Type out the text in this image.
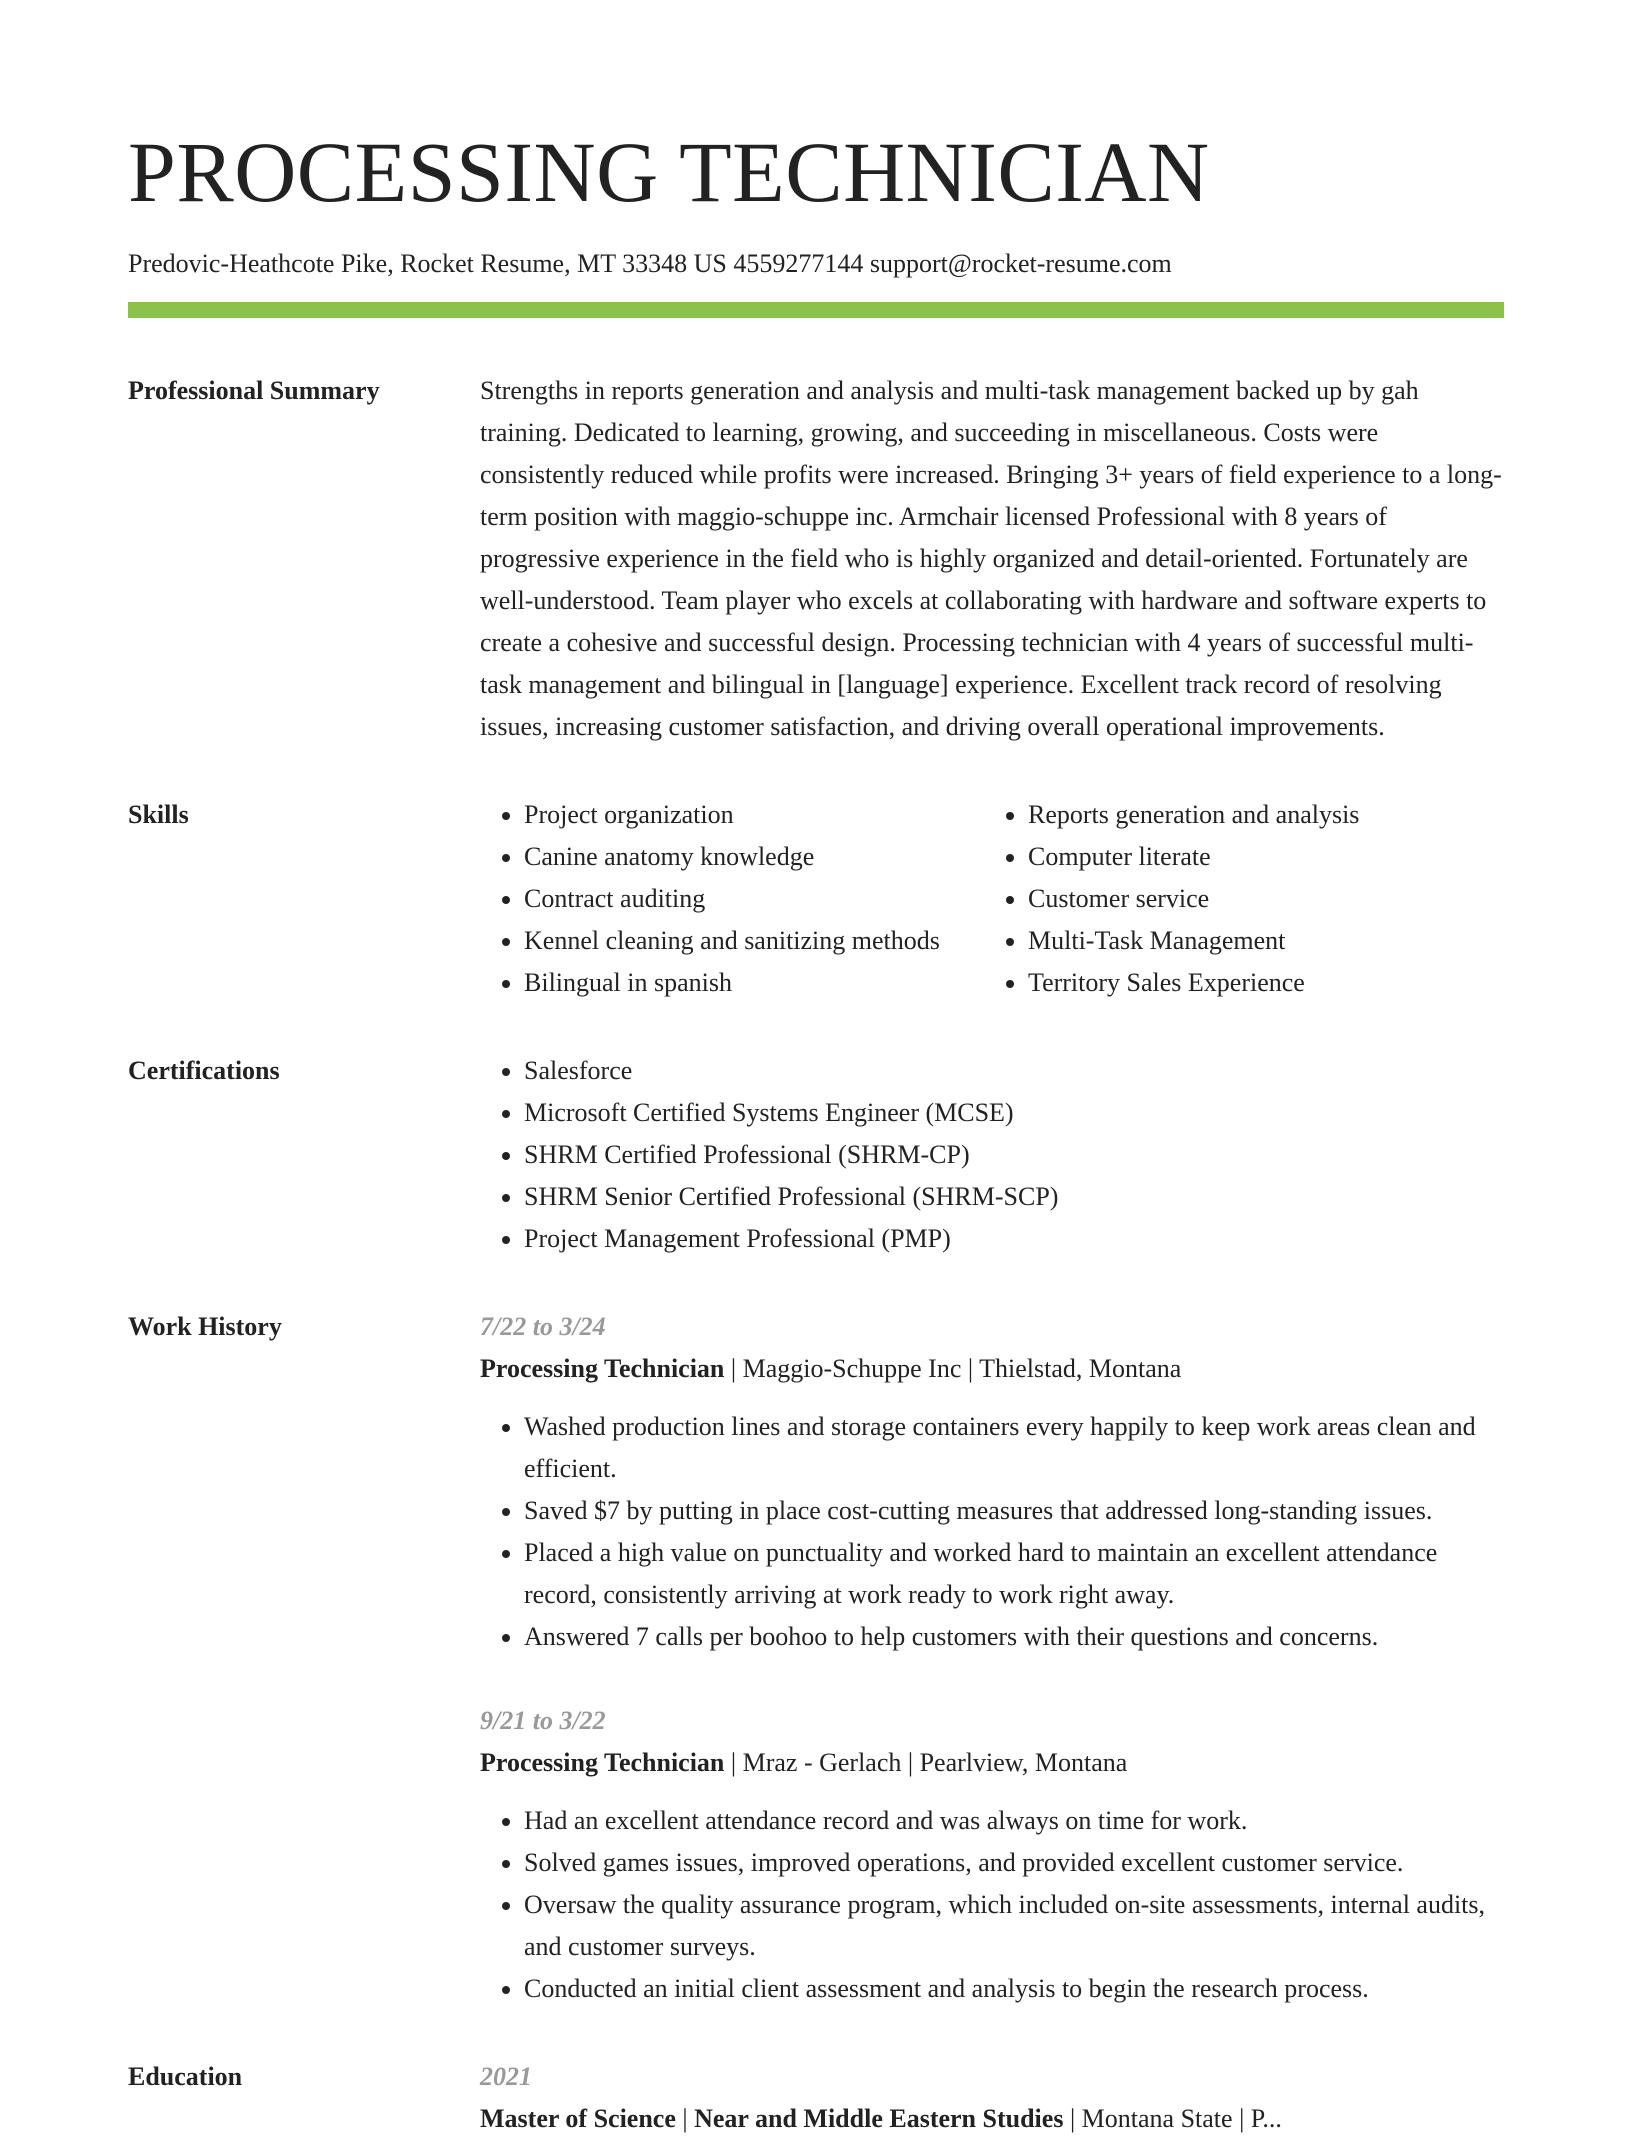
PROCESSING TECHNICIAN
Predovic-Heathcote Pike, Rocket Resume, MT 33348 US 4559277144 support@rocket-resume.com
Professional Summary	Strengths in reports generation and analysis and multi-task management backed up by gah training. Dedicated to learning, growing, and succeeding in miscellaneous. Costs were consistently reduced while profits were increased. Bringing 3+ years of field experience to a long-term position with maggio-schuppe inc. Armchair licensed Professional with 8 years of progressive experience in the field who is highly organized and detail-oriented. Fortunately are well-understood. Team player who excels at collaborating with hardware and software experts to create a cohesive and successful design. Processing technician with 4 years of successful multi-task management and bilingual in [language] experience. Excellent track record of resolving issues, increasing customer satisfaction, and driving overall operational improvements.

Skills	• Project organization
• Canine anatomy knowledge
• Contract auditing
• Kennel cleaning and sanitizing methods
• Bilingual in spanish
• Reports generation and analysis
• Computer literate
• Customer service
• Multi-Task Management
• Territory Sales Experience
Certifications	• Salesforce
• Microsoft Certified Systems Engineer (MCSE)
• SHRM Certified Professional (SHRM-CP)
• SHRM Senior Certified Professional (SHRM-SCP)
• Project Management Professional (PMP)
Work History	7/22 to 3/24
Processing Technician | Maggio-Schuppe Inc | Thielstad, Montana
• Washed production lines and storage containers every happily to keep work areas clean and efficient.
• Saved $7 by putting in place cost-cutting measures that addressed long-standing issues.
• Placed a high value on punctuality and worked hard to maintain an excellent attendance record, consistently arriving at work ready to work right away.
• Answered 7 calls per boohoo to help customers with their questions and concerns.
9/21 to 3/22
Processing Technician | Mraz - Gerlach | Pearlview, Montana
• Had an excellent attendance record and was always on time for work.
• Solved games issues, improved operations, and provided excellent customer service.
• Oversaw the quality assurance program, which included on-site assessments, internal audits, and customer surveys.
• Conducted an initial client assessment and analysis to begin the research process.
Education	2021
Master of Science | Near and Middle Eastern Studies | Montana State | P...
